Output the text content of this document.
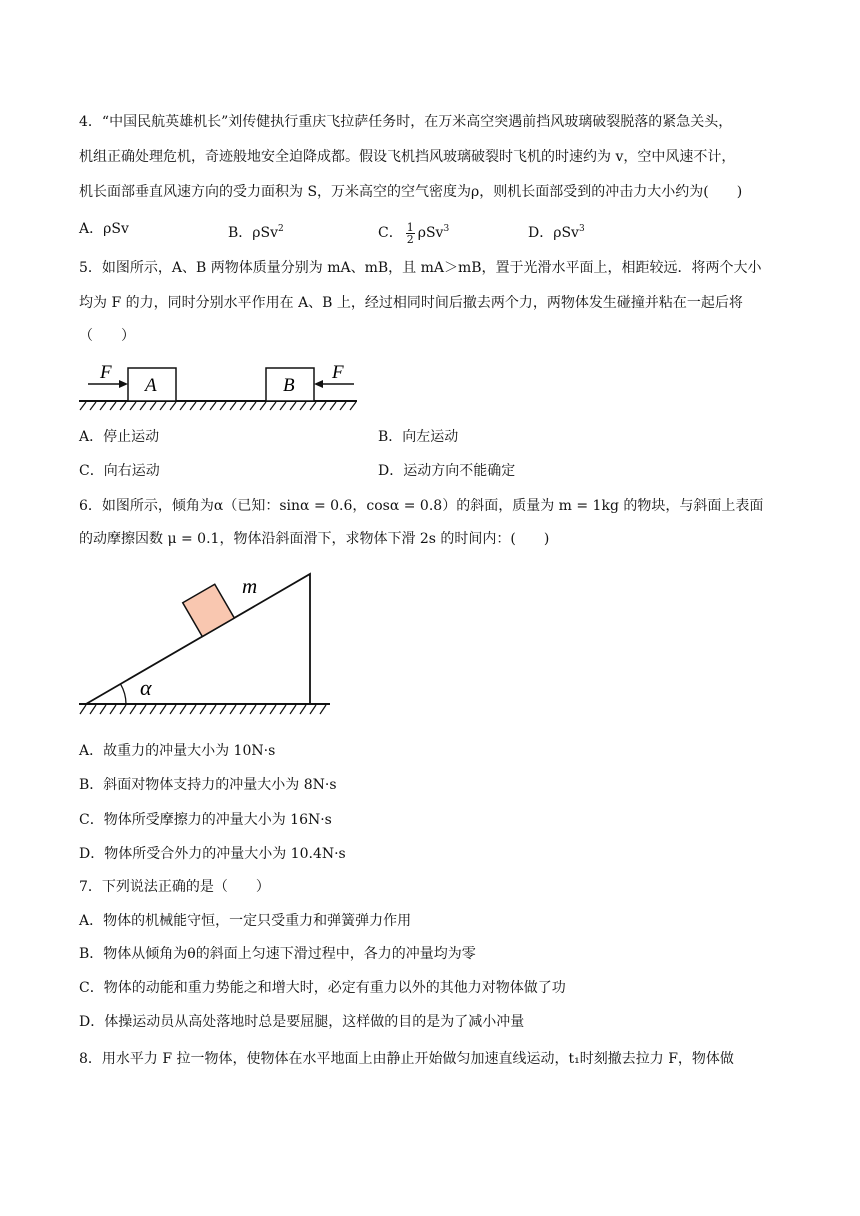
4．“中国民航英雄机长”刘传健执行重庆飞拉萨任务时，在万米高空突遇前挡风玻璃破裂脱落的紧急关头，
机组正确处理危机，奇迹般地安全迫降成都。假设飞机挡风玻璃破裂时飞机的时速约为 v，空中风速不计，
机长面部垂直风速方向的受力面积为 S，万米高空的空气密度为ρ，则机长面部受到的冲击力大小约为(　　)
A．ρSv	B．ρSv$^2$	C． $\frac{1}{2} \rho Sv^3$	D．ρSv$^3$
5．如图所示，A、B 两物体质量分别为 mA、mB，且 mA＞mB，置于光滑水平面上，相距较远．将两个大小
均为 F 的力，同时分别水平作用在 A、B 上，经过相同时间后撤去两个力，两物体发生碰撞并粘在一起后将
（　　）
F
A	B
F
A．停止运动	B．向左运动
C．向右运动	D．运动方向不能确定
6．如图所示，倾角为α（已知：sinα = 0.6，cosα = 0.8）的斜面，质量为 m = 1kg 的物块，与斜面上表面
的动摩擦因数 μ = 0.1，物体沿斜面滑下，求物体下滑 2s 的时间内：(　　)
α
m
A．故重力的冲量大小为 10N·s
B．斜面对物体支持力的冲量大小为 8N·s
C．物体所受摩擦力的冲量大小为 16N·s
D．物体所受合外力的冲量大小为 10.4N·s
7．下列说法正确的是（　　）
A．物体的机械能守恒，一定只受重力和弹簧弹力作用
B．物体从倾角为θ的斜面上匀速下滑过程中，各力的冲量均为零
C．物体的动能和重力势能之和增大时，必定有重力以外的其他力对物体做了功
D．体操运动员从高处落地时总是要屈腿，这样做的目的是为了减小冲量
8．用水平力 F 拉一物体，使物体在水平地面上由静止开始做匀加速直线运动，t₁时刻撤去拉力 F，物体做
